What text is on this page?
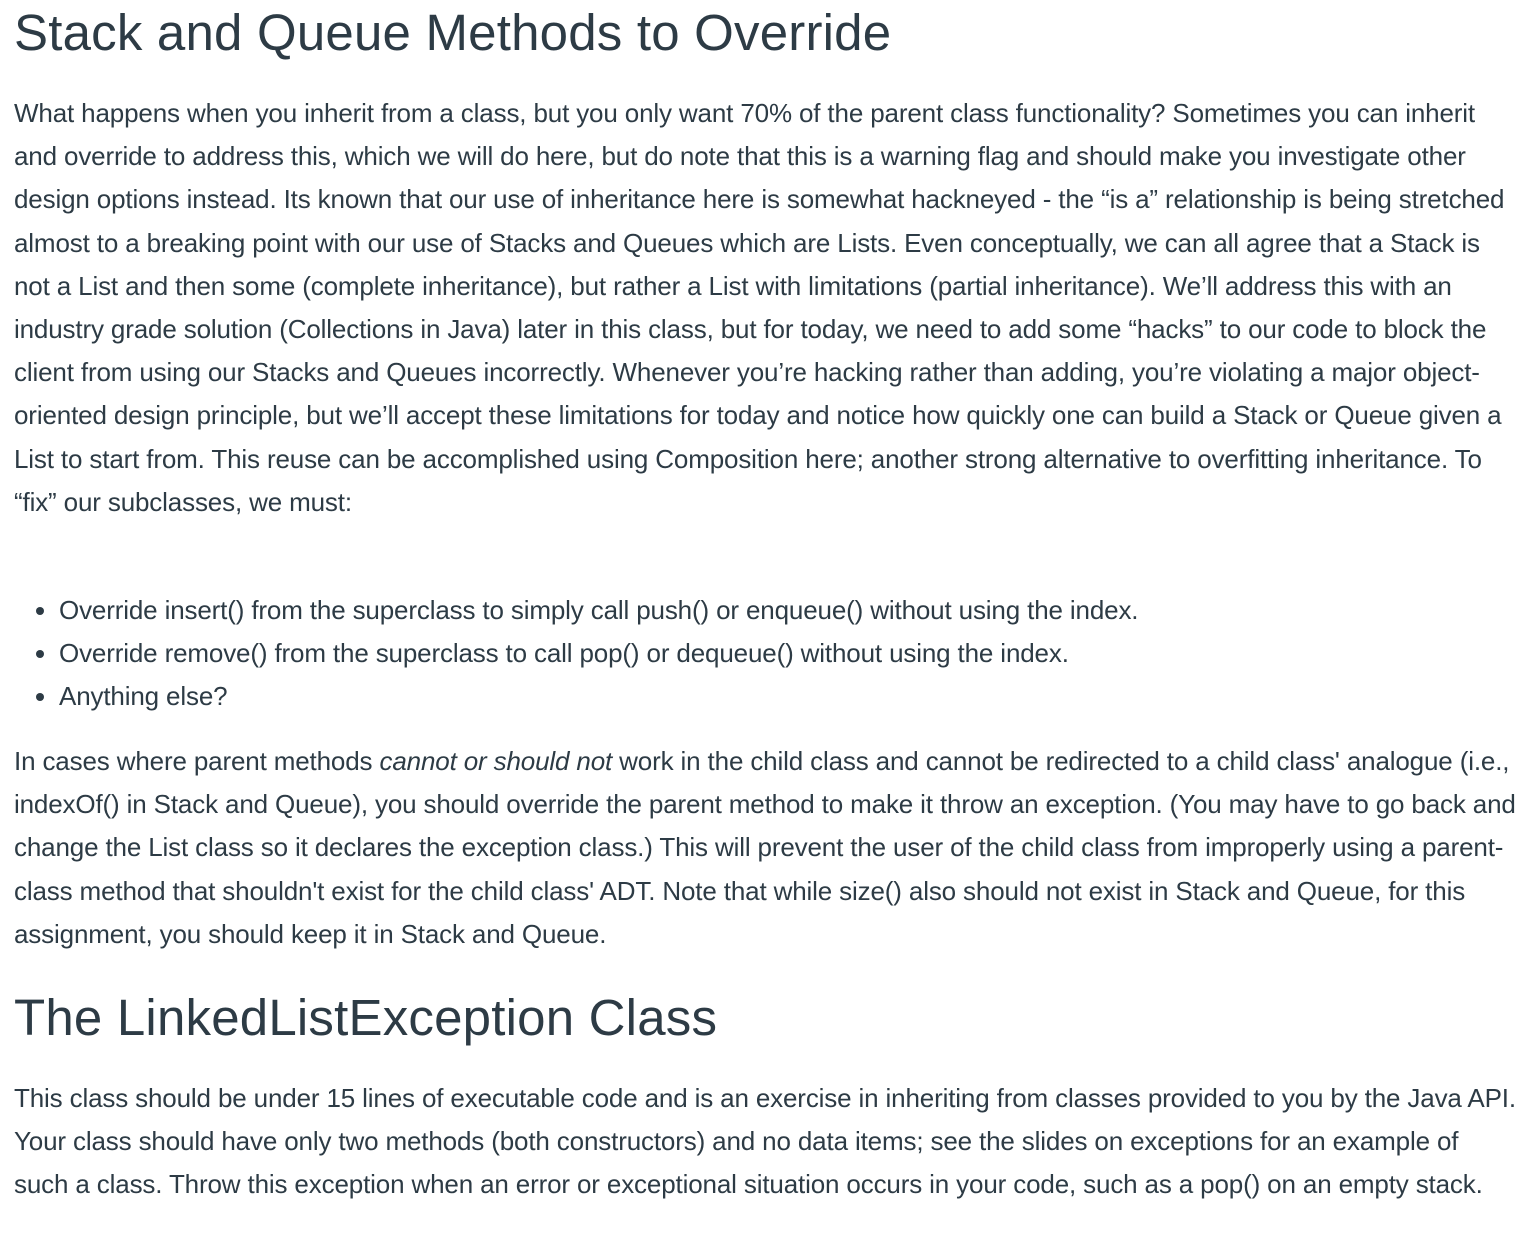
Stack and Queue Methods to Override

What happens when you inherit from a class, but you only want 70% of the parent class functionality? Sometimes you can inherit and override to address this, which we will do here, but do note that this is a warning flag and should make you investigate other design options instead. Its known that our use of inheritance here is somewhat hackneyed - the “is a” relationship is being stretched almost to a breaking point with our use of Stacks and Queues which are Lists. Even conceptually, we can all agree that a Stack is not a List and then some (complete inheritance), but rather a List with limitations (partial inheritance). We’ll address this with an industry grade solution (Collections in Java) later in this class, but for today, we need to add some “hacks” to our code to block the client from using our Stacks and Queues incorrectly. Whenever you’re hacking rather than adding, you’re violating a major object-oriented design principle, but we’ll accept these limitations for today and notice how quickly one can build a Stack or Queue given a List to start from. This reuse can be accomplished using Composition here; another strong alternative to overfitting inheritance. To “fix” our subclasses, we must:

• Override insert() from the superclass to simply call push() or enqueue() without using the index.
• Override remove() from the superclass to call pop() or dequeue() without using the index.
• Anything else?

In cases where parent methods cannot or should not work in the child class and cannot be redirected to a child class' analogue (i.e., indexOf() in Stack and Queue), you should override the parent method to make it throw an exception. (You may have to go back and change the List class so it declares the exception class.) This will prevent the user of the child class from improperly using a parent-class method that shouldn't exist for the child class' ADT. Note that while size() also should not exist in Stack and Queue, for this assignment, you should keep it in Stack and Queue.

The LinkedListException Class

This class should be under 15 lines of executable code and is an exercise in inheriting from classes provided to you by the Java API. Your class should have only two methods (both constructors) and no data items; see the slides on exceptions for an example of such a class. Throw this exception when an error or exceptional situation occurs in your code, such as a pop() on an empty stack.
